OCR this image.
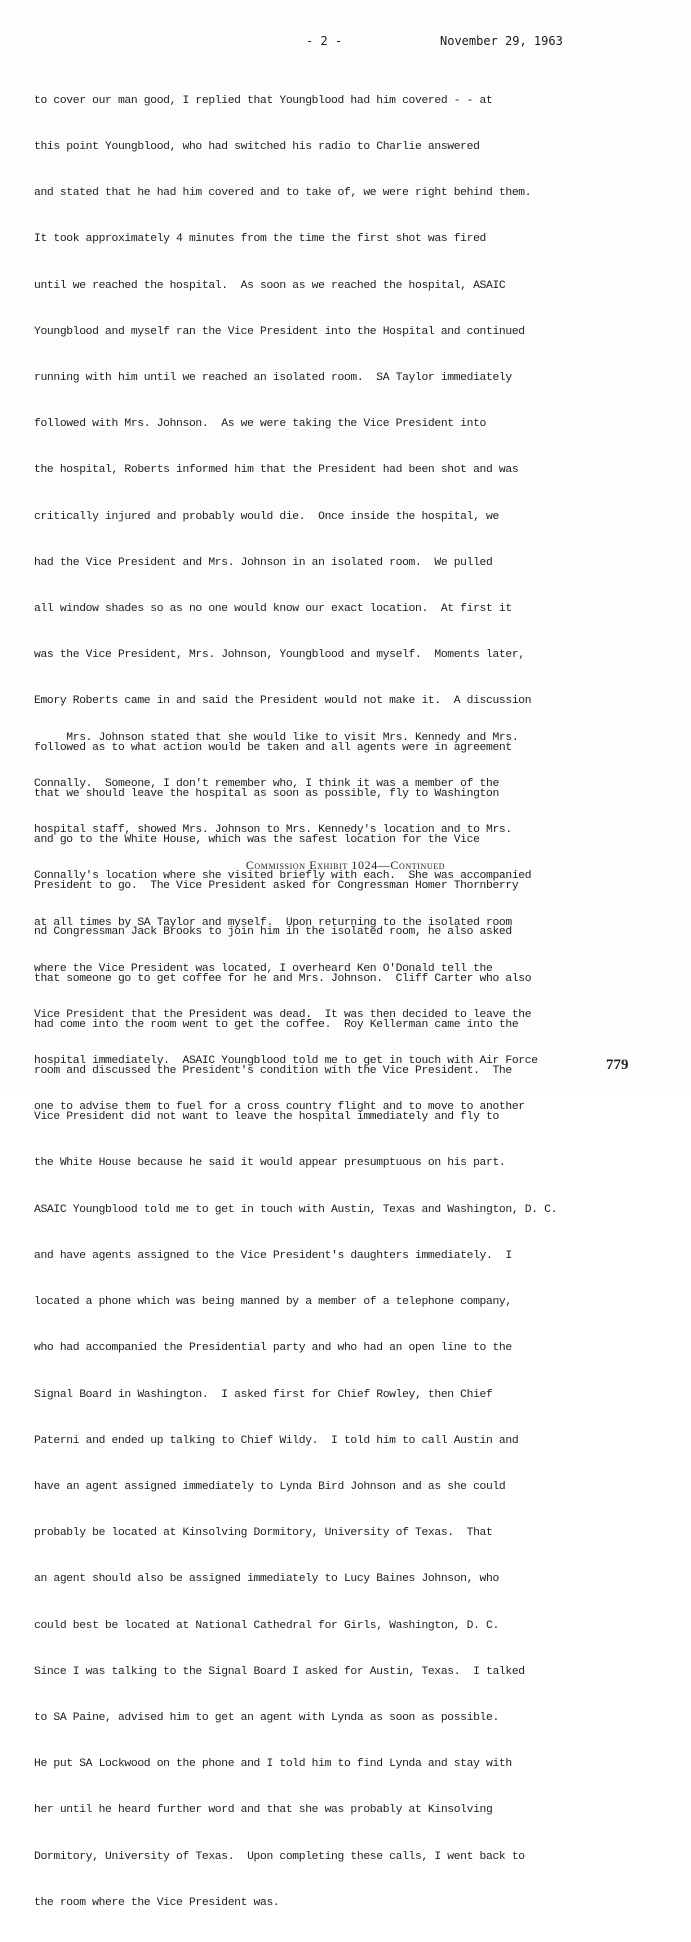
- 2 -	November 29, 1963

to cover our man good, I replied that Youngblood had him covered - - at

this point Youngblood, who had switched his radio to Charlie answered

and stated that he had him covered and to take of, we were right behind them.

It took approximately 4 minutes from the time the first shot was fired

until we reached the hospital.  As soon as we reached the hospital, ASAIC

Youngblood and myself ran the Vice President into the Hospital and continued

running with him until we reached an isolated room.  SA Taylor immediately

followed with Mrs. Johnson.  As we were taking the Vice President into

the hospital, Roberts informed him that the President had been shot and was

critically injured and probably would die.  Once inside the hospital, we

had the Vice President and Mrs. Johnson in an isolated room.  We pulled

all window shades so as no one would know our exact location.  At first it

was the Vice President, Mrs. Johnson, Youngblood and myself.  Moments later,

Emory Roberts came in and said the President would not make it.  A discussion

followed as to what action would be taken and all agents were in agreement

that we should leave the hospital as soon as possible, fly to Washington

and go to the White House, which was the safest location for the Vice

President to go.  The Vice President asked for Congressman Homer Thornberry

nd Congressman Jack Brooks to join him in the isolated room, he also asked

that someone go to get coffee for he and Mrs. Johnson.  Cliff Carter who also

had come into the room went to get the coffee.  Roy Kellerman came into the

room and discussed the President's condition with the Vice President.  The

Vice President did not want to leave the hospital immediately and fly to

the White House because he said it would appear presumptuous on his part.

ASAIC Youngblood told me to get in touch with Austin, Texas and Washington, D. C.

and have agents assigned to the Vice President's daughters immediately.  I

located a phone which was being manned by a member of a telephone company,

who had accompanied the Presidential party and who had an open line to the

Signal Board in Washington.  I asked first for Chief Rowley, then Chief

Paterni and ended up talking to Chief Wildy.  I told him to call Austin and

have an agent assigned immediately to Lynda Bird Johnson and as she could

probably be located at Kinsolving Dormitory, University of Texas.  That

an agent should also be assigned immediately to Lucy Baines Johnson, who

could best be located at National Cathedral for Girls, Washington, D. C.

Since I was talking to the Signal Board I asked for Austin, Texas.  I talked

to SA Paine, advised him to get an agent with Lynda as soon as possible.

He put SA Lockwood on the phone and I told him to find Lynda and stay with

her until he heard further word and that she was probably at Kinsolving

Dormitory, University of Texas.  Upon completing these calls, I went back to

the room where the Vice President was.

Mrs. Johnson stated that she would like to visit Mrs. Kennedy and Mrs.

Connally.  Someone, I don't remember who, I think it was a member of the

hospital staff, showed Mrs. Johnson to Mrs. Kennedy's location and to Mrs.

Connally's location where she visited briefly with each.  She was accompanied

at all times by SA Taylor and myself.  Upon returning to the isolated room

where the Vice President was located, I overheard Ken O'Donald tell the

Vice President that the President was dead.  It was then decided to leave the

hospital immediately.  ASAIC Youngblood told me to get in touch with Air Force

one to advise them to fuel for a cross country flight and to move to another

Commission Exhibit 1024—Continued
779
